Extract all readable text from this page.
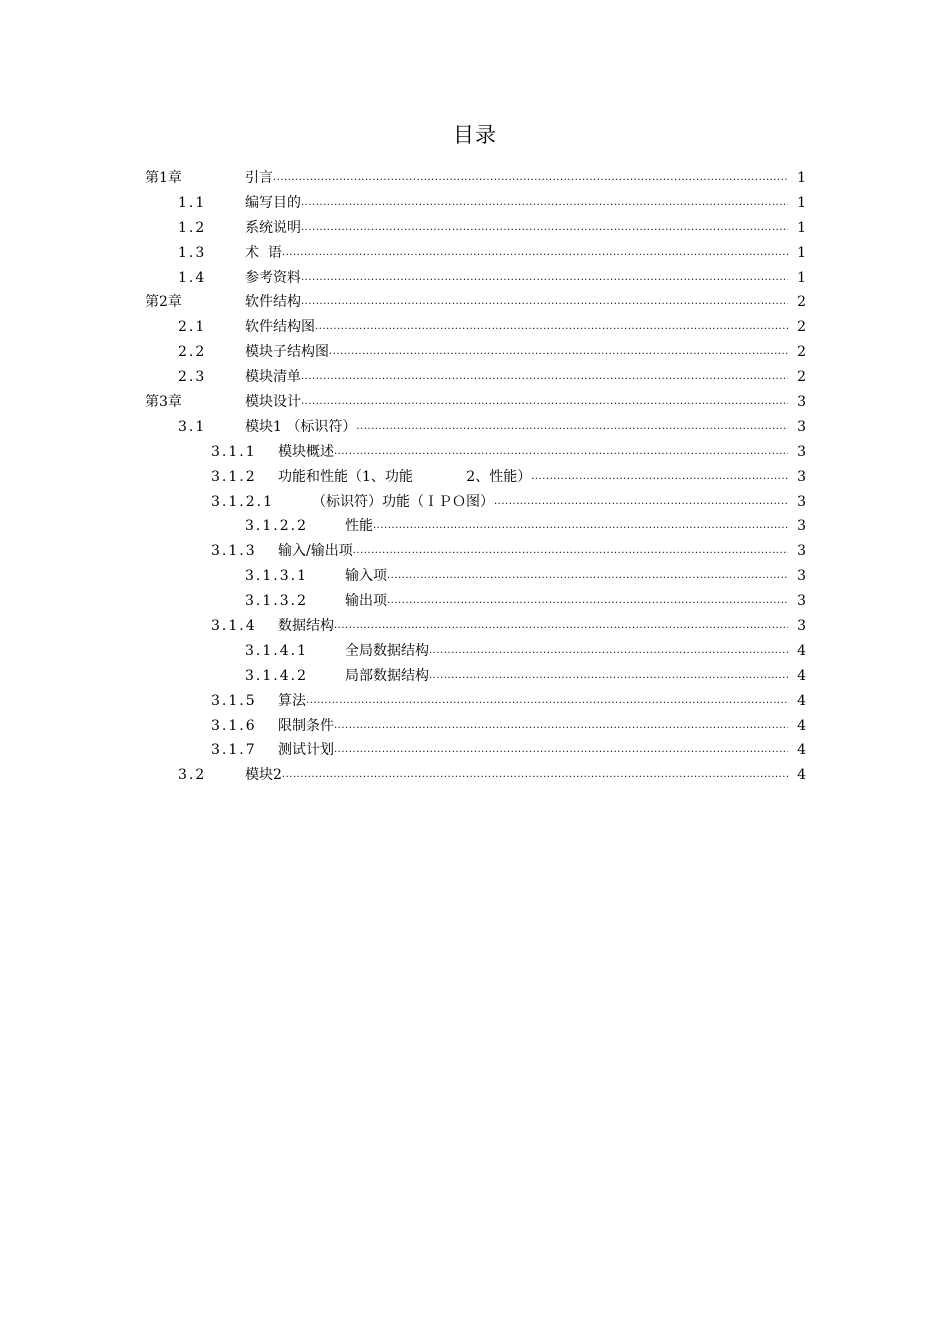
目录
第1章	引言 .....	1
1.1	编写目的 .....	1
1.2	系统说明 .....	1
1.3	术  语 .....	1
1.4	参考资料 .....	1
第2章	软件结构 .....	2
2.1	软件结构图 .....	2
2.2	模块子结构图 .....	2
2.3	模块清单 .....	2
第3章	模块设计 .....	3
3.1	模块1 （标识符） .....	3
3.1.1 模块概述 .....	3
3.1.2 功能和性能（1、功能            2、性能） .....	3
3.1.2.1	（标识符）功能（ＩＰＯ图） .....	3
3.1.2.2	性能 .....	3
3.1.3 输入/输出项 .....	3
3.1.3.1	输入项 .....	3
3.1.3.2	输出项 .....	3
3.1.4 数据结构 .....	3
3.1.4.1	全局数据结构 .....	4
3.1.4.2	局部数据结构 .....	4
3.1.5 算法 .....	4
3.1.6 限制条件 .....	4
3.1.7 测试计划 .....	4
3.2	模块2 .....	4
